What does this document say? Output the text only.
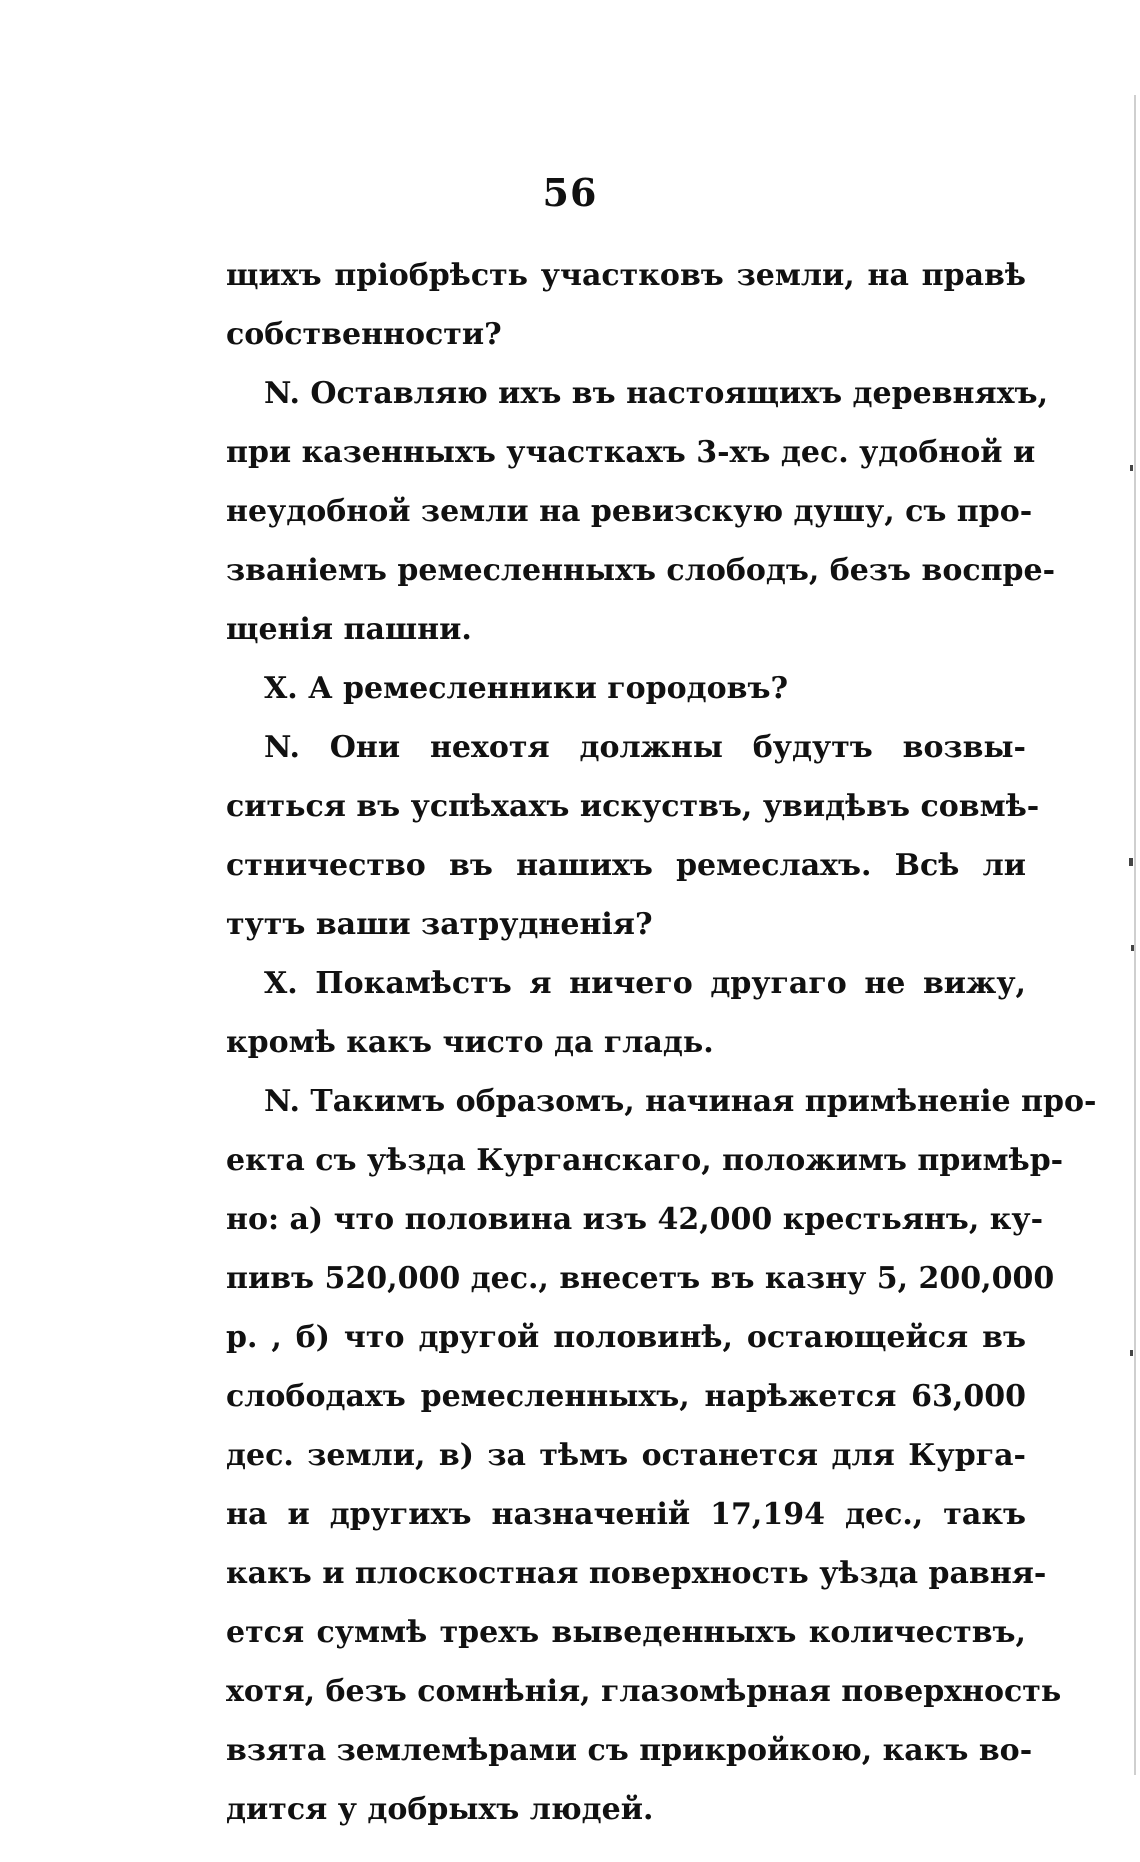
56
щихъ пріобрѣсть участковъ земли, на правѣ
собственности?
N. Оставляю ихъ въ настоящихъ деревняхъ,
при казенныхъ участкахъ 3-хъ дес. удобной и
неудобной земли на ревизскую душу, съ про-
званіемъ ремесленныхъ слободъ, безъ воспре-
щенія пашни.
X. А ремесленники городовъ?
N. Они нехотя должны будутъ возвы-
ситься въ успѣхахъ искуствъ, увидѣвъ совмѣ-
стничество въ нашихъ ремеслахъ. Всѣ ли
тутъ ваши затрудненія?
X. Покамѣстъ я ничего другаго не вижу,
кромѣ какъ чисто да гладь.
N. Такимъ образомъ, начиная примѣненіе про-
екта съ уѣзда Курганскаго, положимъ примѣр-
но: а) что половина изъ 42,000 крестьянъ, ку-
пивъ 520,000 дес., внесетъ въ казну 5, 200,000
р. , б) что другой половинѣ, остающейся въ
слободахъ ремесленныхъ, нарѣжется 63,000
дес. земли, в) за тѣмъ останется для Курга-
на и другихъ назначеній 17,194 дес., такъ
какъ и плоскостная поверхность уѣзда равня-
ется суммѣ трехъ выведенныхъ количествъ,
хотя, безъ сомнѣнія, глазомѣрная поверхность
взята землемѣрами съ прикройкою, какъ во-
дится у добрыхъ людей.
